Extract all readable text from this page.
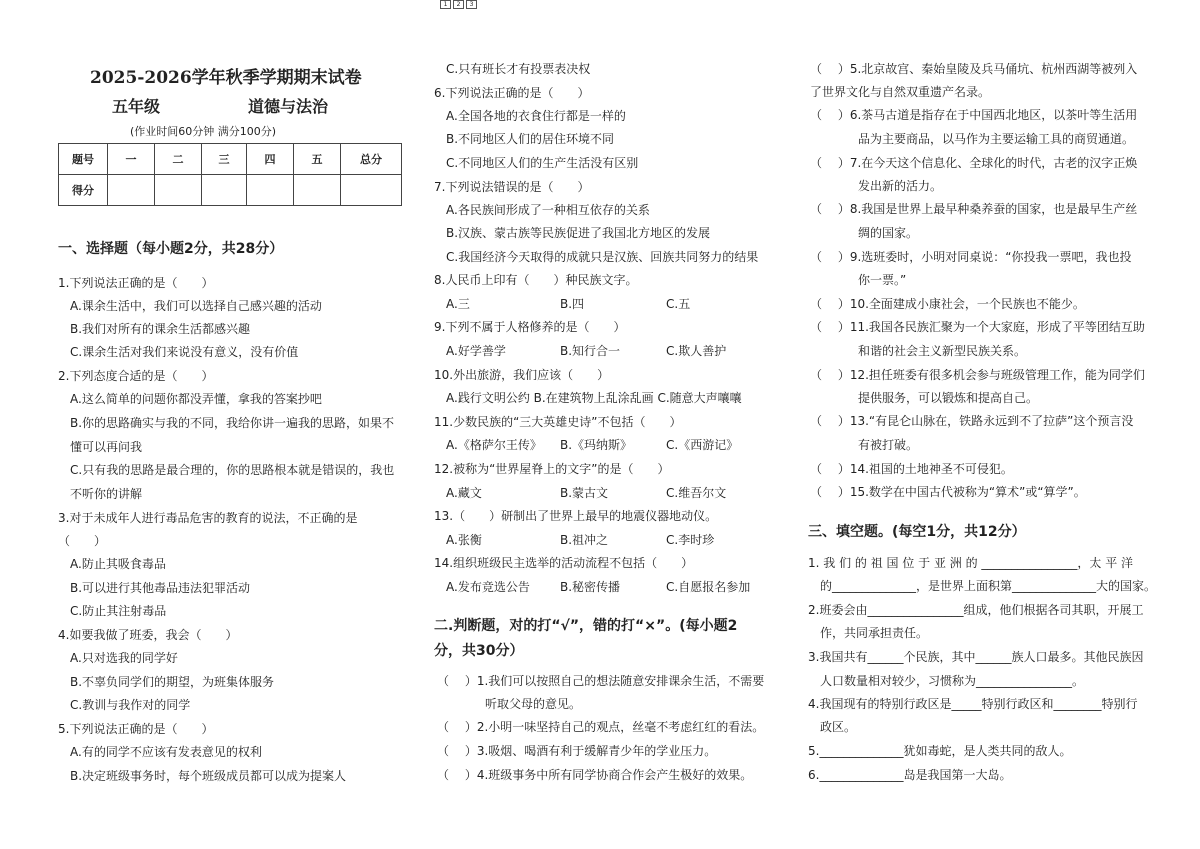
1	2	3
2025-2026学年秋季学期期末试卷
五年级	道德与法治
(作业时间60分钟 满分100分)
题号	一	二	三	四	五	总分
得分						
一、选择题（每小题2分，共28分）
1.下列说法正确的是（　　）
A.课余生活中，我们可以选择自己感兴趣的活动
B.我们对所有的课余生活都感兴趣
C.课余生活对我们来说没有意义，没有价值
2.下列态度合适的是（　　）
A.这么简单的问题你都没弄懂，拿我的答案抄吧
B.你的思路确实与我的不同，我给你讲一遍我的思路，如果不
懂可以再问我
C.只有我的思路是最合理的，你的思路根本就是错误的，我也
不听你的讲解
3.对于未成年人进行毒品危害的教育的说法，不正确的是
（　　）
A.防止其吸食毒品
B.可以进行其他毒品违法犯罪活动
C.防止其注射毒品
4.如要我做了班委，我会（　　）
A.只对选我的同学好
B.不辜负同学们的期望，为班集体服务
C.教训与我作对的同学
5.下列说法正确的是（　　）
A.有的同学不应该有发表意见的权利
B.决定班级事务时，每个班级成员都可以成为提案人
C.只有班长才有投票表决权
6.下列说法正确的是（　　）
A.全国各地的衣食住行都是一样的
B.不同地区人们的居住环境不同
C.不同地区人们的生产生活没有区别
7.下列说法错误的是（　　）
A.各民族间形成了一种相互依存的关系
B.汉族、蒙古族等民族促进了我国北方地区的发展
C.我国经济今天取得的成就只是汉族、回族共同努力的结果
8.人民币上印有（　　）种民族文字。
A.三	B.四	C.五
9.下列不属于人格修养的是（　　）
A.好学善学	B.知行合一	C.欺人善护
10.外出旅游，我们应该（　　）
A.践行文明公约 B.在建筑物上乱涂乱画 C.随意大声嚷嚷
11.少数民族的“三大英雄史诗”不包括（　　）
A.《格萨尔王传》 B.《玛纳斯》	C.《西游记》
12.被称为“世界屋脊上的文字”的是（　　）
A.藏文	B.蒙古文	C.维吾尔文
13.（　　）研制出了世界上最早的地震仪器地动仪。
A.张衡	B.祖冲之	C.李时珍
14.组织班级民主选举的活动流程不包括（　　）
A.发布竞选公告	B.秘密传播	C.自愿报名参加
二.判断题，对的打“√”，错的打“×”。(每小题2
分，共30分）
（　 ）1.我们可以按照自己的想法随意安排课余生活，不需要
　　　　听取父母的意见。
（　 ）2.小明一味坚持自己的观点，丝毫不考虑红红的看法。
（　 ）3.吸烟、喝酒有利于缓解青少年的学业压力。
（　 ）4.班级事务中所有同学协商合作会产生极好的效果。
（　 ）5.北京故宫、秦始皇陵及兵马俑坑、杭州西湖等被列入
了世界文化与自然双重遗产名录。
（　 ）6.茶马古道是指存在于中国西北地区，以茶叶等生活用
　　　　品为主要商品，以马作为主要运输工具的商贸通道。
（　 ）7.在今天这个信息化、全球化的时代，古老的汉字正焕
　　　　发出新的活力。
（　 ）8.我国是世界上最早种桑养蚕的国家，也是最早生产丝
　　　　绸的国家。
（　 ）9.选班委时，小明对同桌说：“你投我一票吧，我也投
　　　　你一票。”
（　 ）10.全面建成小康社会，一个民族也不能少。
（　 ）11.我国各民族汇聚为一个大家庭，形成了平等团结互助
　　　　和谐的社会主义新型民族关系。
（　 ）12.担任班委有很多机会参与班级管理工作，能为同学们
　　　　提供服务，可以锻炼和提高自己。
（　 ）13.“有昆仑山脉在，铁路永远到不了拉萨”这个预言没
　　　　有被打破。
（　 ）14.祖国的土地神圣不可侵犯。
（　 ）15.数学在中国古代被称为“算术”或“算学”。
三、填空题。(每空1分，共12分）
1. 我 们 的 祖 国 位 于 亚 洲 的 ________________，太 平 洋
的______________，是世界上面积第______________大的国家。
2.班委会由________________组成，他们根据各司其职，开展工
作，共同承担责任。
3.我国共有______个民族，其中______族人口最多。其他民族因
人口数量相对较少，习惯称为________________。
4.我国现有的特别行政区是_____特别行政区和________特别行
政区。
5.______________犹如毒蛇，是人类共同的敌人。
6.______________岛是我国第一大岛。
